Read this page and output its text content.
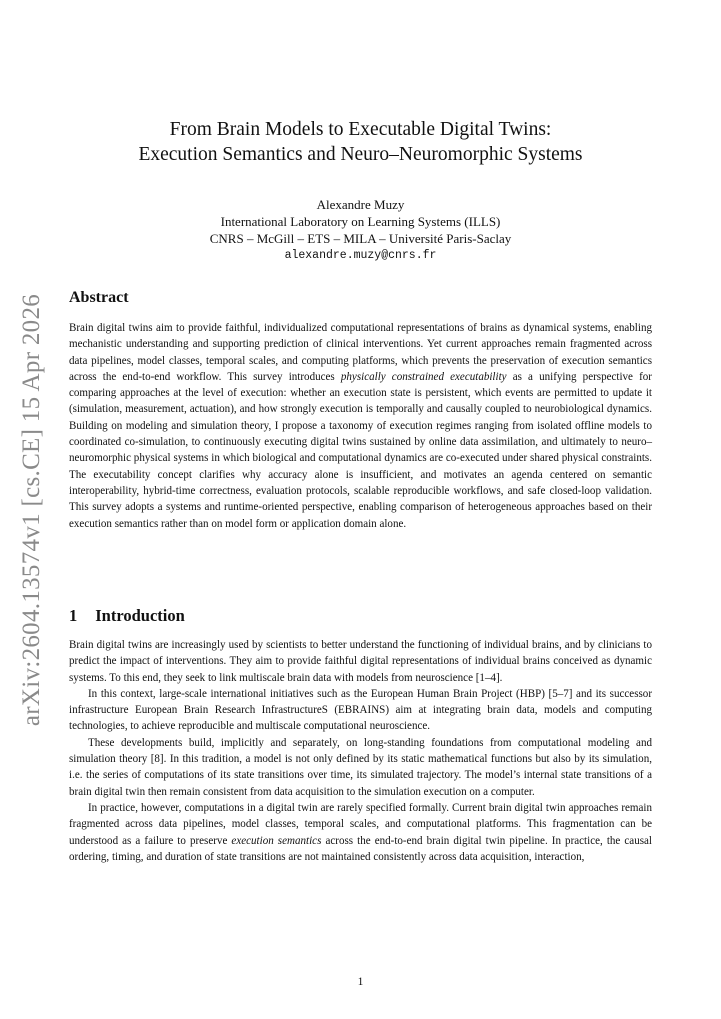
arXiv:2604.13574v1 [cs.CE] 15 Apr 2026
From Brain Models to Executable Digital Twins:
Execution Semantics and Neuro–Neuromorphic Systems
Alexandre Muzy
International Laboratory on Learning Systems (ILLS)
CNRS – McGill – ETS – MILA – Université Paris-Saclay
alexandre.muzy@cnrs.fr
Abstract

Brain digital twins aim to provide faithful, individualized computational representations of brains as dynamical systems, enabling mechanistic understanding and supporting prediction of clinical interventions. Yet current approaches remain fragmented across data pipelines, model classes, temporal scales, and computing platforms, which prevents the preservation of execution semantics across the end-to-end workflow. This survey introduces physically constrained executability as a unifying perspective for comparing approaches at the level of execution: whether an execution state is persistent, which events are permitted to update it (simulation, measurement, actuation), and how strongly execution is temporally and causally coupled to neurobiological dynamics. Building on modeling and simulation theory, I propose a taxonomy of execution regimes ranging from isolated offline models to coordinated co-simulation, to continuously executing digital twins sustained by online data assimilation, and ultimately to neuro–neuromorphic physical systems in which biological and computational dynamics are co-executed under shared physical constraints. The executability concept clarifies why accuracy alone is insufficient, and motivates an agenda centered on semantic interoperability, hybrid-time correctness, evaluation protocols, scalable reproducible workflows, and safe closed-loop validation. This survey adopts a systems and runtime-oriented perspective, enabling comparison of heterogeneous approaches based on their execution semantics rather than on model form or application domain alone.

1 Introduction

Brain digital twins are increasingly used by scientists to better understand the functioning of individual brains, and by clinicians to predict the impact of interventions. They aim to provide faithful digital representations of individual brains conceived as dynamic systems. To this end, they seek to link multiscale brain data with models from neuroscience [1–4].

In this context, large-scale international initiatives such as the European Human Brain Project (HBP) [5–7] and its successor infrastructure European Brain Research InfrastructureS (EBRAINS) aim at integrating brain data, models and computing technologies, to achieve reproducible and multiscale computational neuroscience.

These developments build, implicitly and separately, on long-standing foundations from computational modeling and simulation theory [8]. In this tradition, a model is not only defined by its static mathematical functions but also by its simulation, i.e. the series of computations of its state transitions over time, its simulated trajectory. The model’s internal state transitions of a brain digital twin then remain consistent from data acquisition to the simulation execution on a computer.

In practice, however, computations in a digital twin are rarely specified formally. Current brain digital twin approaches remain fragmented across data pipelines, model classes, temporal scales, and computational platforms. This fragmentation can be understood as a failure to preserve execution semantics across the end-to-end brain digital twin pipeline. In practice, the causal ordering, timing, and duration of state transitions are not maintained consistently across data acquisition, interaction,

1
